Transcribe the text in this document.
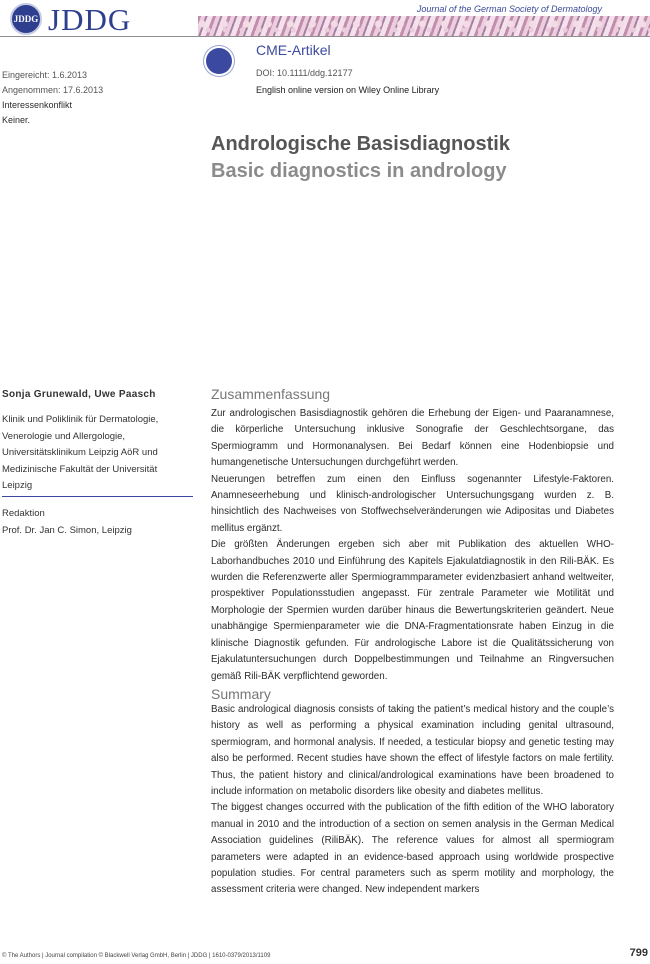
JDDG JDDG	Journal of the German Society of Dermatology
CME-Artikel
DOI: 10.1111/ddg.12177
English online version on Wiley Online Library
Eingereicht: 1.6.2013
Angenommen: 17.6.2013
Interessenkonflikt
Keiner.
Andrologische Basisdiagnostik
Basic diagnostics in andrology
Sonja Grunewald, Uwe Paasch
Klinik und Poliklinik für Dermatologie,
Venerologie und Allergologie,
Universitätsklinikum Leipzig AöR und
Medizinische Fakultät der Universität
Leipzig
Redaktion
Prof. Dr. Jan C. Simon, Leipzig
Zusammenfassung

Zur andrologischen Basisdiagnostik gehören die Erhebung der Eigen- und Paaranamnese, die körperliche Untersuchung inklusive Sonografie der Geschlechtsorgane, das Spermiogramm und Hormonanalysen. Bei Bedarf können eine Hodenbiopsie und humangenetische Untersuchungen durchgeführt werden.

Neuerungen betreffen zum einen den Einfluss sogenannter Lifestyle-Faktoren. Anamneseerhebung und klinisch-andrologischer Untersuchungsgang wurden z. B. hinsichtlich des Nachweises von Stoffwechselveränderungen wie Adipositas und Diabetes mellitus ergänzt.

Die größten Änderungen ergeben sich aber mit Publikation des aktuellen WHO-Laborhandbuches 2010 und Einführung des Kapitels Ejakulatdiagnostik in den Rili-BÄK. Es wurden die Referenzwerte aller Spermiogrammparameter evidenzbasiert anhand weltweiter, prospektiver Populationsstudien angepasst. Für zentrale Parameter wie Motilität und Morphologie der Spermien wurden darüber hinaus die Bewertungskriterien geändert. Neue unabhängige Spermienparameter wie die DNA-Fragmentationsrate haben Einzug in die klinische Diagnostik gefunden. Für andrologische Labore ist die Qualitätssicherung von Ejakulatuntersuchungen durch Doppelbestimmungen und Teilnahme an Ringversuchen gemäß Rili-BÄK verpflichtend geworden.

Summary

Basic andrological diagnosis consists of taking the patient’s medical history and the couple’s history as well as performing a physical examination including genital ultrasound, spermiogram, and hormonal analysis. If needed, a testicular biopsy and genetic testing may also be performed. Recent studies have shown the effect of lifestyle factors on male fertility. Thus, the patient history and clinical/andrological examinations have been broadened to include information on metabolic disorders like obesity and diabetes mellitus.

The biggest changes occurred with the publication of the fifth edition of the WHO laboratory manual in 2010 and the introduction of a section on semen analysis in the German Medical Association guidelines (RiliBÄK). The reference values for almost all spermiogram parameters were adapted in an evidence-based approach using worldwide prospective population studies. For central parameters such as sperm motility and morphology, the assessment criteria were changed. New independent markers

© The Authors | Journal compilation © Blackwell Verlag GmbH, Berlin | JDDG | 1610-0379/2013/1109	799
